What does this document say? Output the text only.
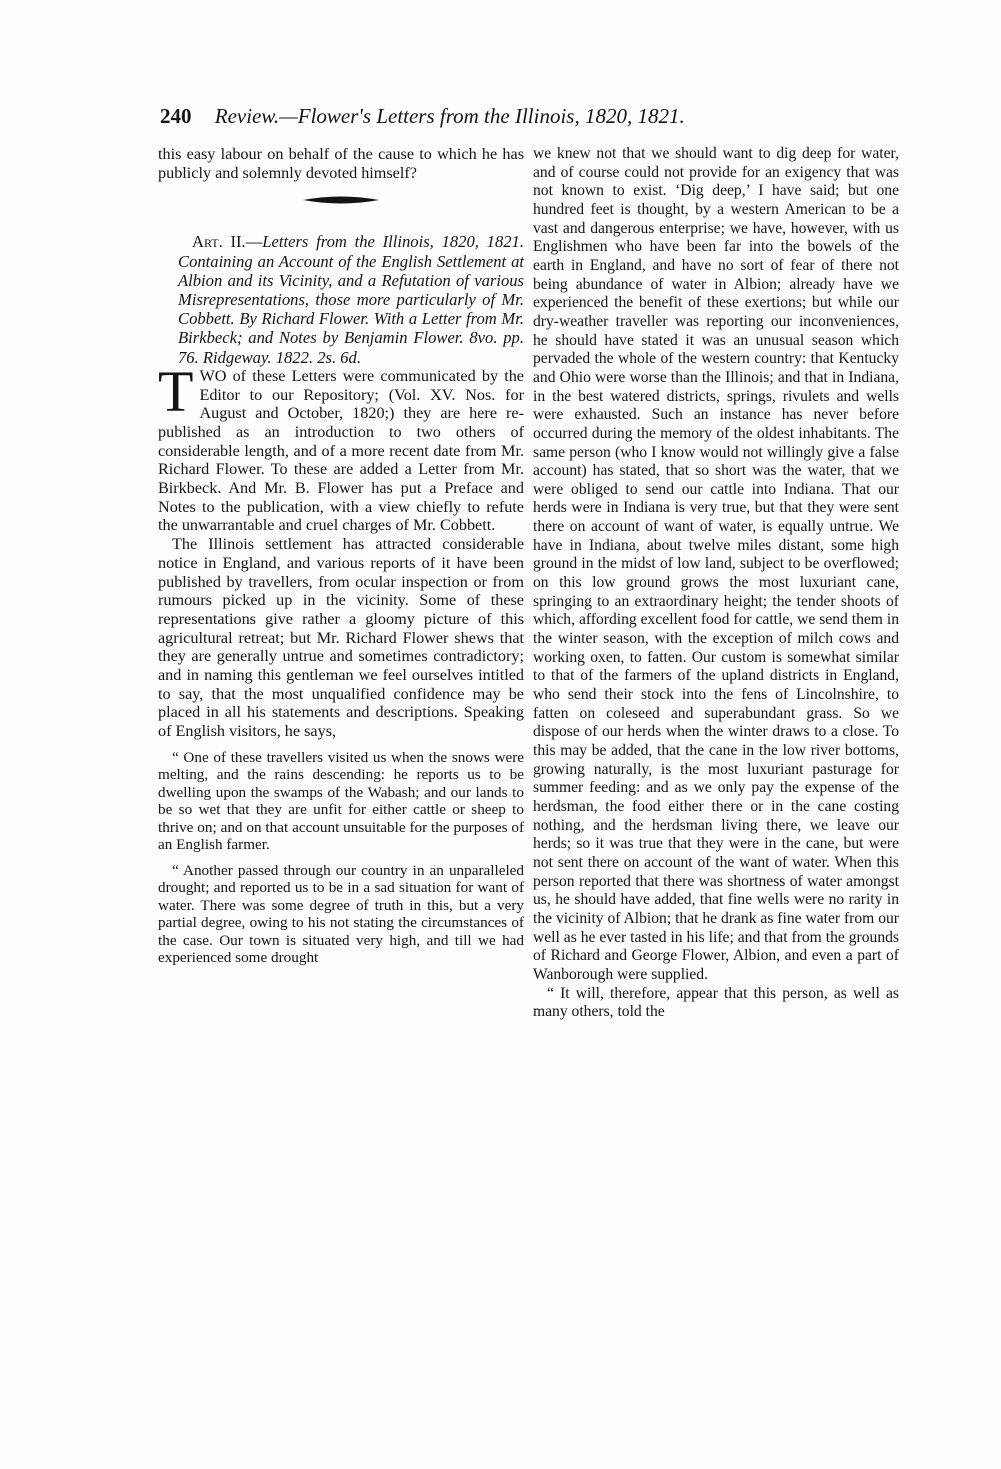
240 Review.—Flower's Letters from the Illinois, 1820, 1821.

this easy labour on behalf of the cause to which he has publicly and solemnly devoted himself?

Art. II.—Letters from the Illinois, 1820, 1821. Containing an Account of the English Settlement at Albion and its Vicinity, and a Refutation of various Misrepresentations, those more particularly of Mr. Cobbett. By Richard Flower. With a Letter from Mr. Birkbeck; and Notes by Benjamin Flower. 8vo. pp. 76. Ridgeway. 1822. 2s. 6d.

TWO of these Letters were communicated by the Editor to our Repository; (Vol. XV. Nos. for August and October, 1820;) they are here re-published as an introduction to two others of considerable length, and of a more recent date from Mr. Richard Flower. To these are added a Letter from Mr. Birkbeck. And Mr. B. Flower has put a Preface and Notes to the publication, with a view chiefly to refute the unwarrantable and cruel charges of Mr. Cobbett.

The Illinois settlement has attracted considerable notice in England, and various reports of it have been published by travellers, from ocular inspection or from rumours picked up in the vicinity. Some of these representations give rather a gloomy picture of this agricultural retreat; but Mr. Richard Flower shews that they are generally untrue and sometimes contradictory; and in naming this gentleman we feel ourselves intitled to say, that the most unqualified confidence may be placed in all his statements and descriptions. Speaking of English visitors, he says,

“ One of these travellers visited us when the snows were melting, and the rains descending: he reports us to be dwelling upon the swamps of the Wabash; and our lands to be so wet that they are unfit for either cattle or sheep to thrive on; and on that account unsuitable for the purposes of an English farmer.

“ Another passed through our country in an unparalleled drought; and reported us to be in a sad situation for want of water. There was some degree of truth in this, but a very partial degree, owing to his not stating the circumstances of the case. Our town is situated very high, and till we had experienced some drought

we knew not that we should want to dig deep for water, and of course could not provide for an exigency that was not known to exist. ‘Dig deep,’ I have said; but one hundred feet is thought, by a western American to be a vast and dangerous enterprise; we have, however, with us Englishmen who have been far into the bowels of the earth in England, and have no sort of fear of there not being abundance of water in Albion; already have we experienced the benefit of these exertions; but while our dry-weather traveller was reporting our inconveniences, he should have stated it was an unusual season which pervaded the whole of the western country: that Kentucky and Ohio were worse than the Illinois; and that in Indiana, in the best watered districts, springs, rivulets and wells were exhausted. Such an instance has never before occurred during the memory of the oldest inhabitants. The same person (who I know would not willingly give a false account) has stated, that so short was the water, that we were obliged to send our cattle into Indiana. That our herds were in Indiana is very true, but that they were sent there on account of want of water, is equally untrue. We have in Indiana, about twelve miles distant, some high ground in the midst of low land, subject to be overflowed; on this low ground grows the most luxuriant cane, springing to an extraordinary height; the tender shoots of which, affording excellent food for cattle, we send them in the winter season, with the exception of milch cows and working oxen, to fatten. Our custom is somewhat similar to that of the farmers of the upland districts in England, who send their stock into the fens of Lincolnshire, to fatten on coleseed and superabundant grass. So we dispose of our herds when the winter draws to a close. To this may be added, that the cane in the low river bottoms, growing naturally, is the most luxuriant pasturage for summer feeding: and as we only pay the expense of the herdsman, the food either there or in the cane costing nothing, and the herdsman living there, we leave our herds; so it was true that they were in the cane, but were not sent there on account of the want of water. When this person reported that there was shortness of water amongst us, he should have added, that fine wells were no rarity in the vicinity of Albion; that he drank as fine water from our well as he ever tasted in his life; and that from the grounds of Richard and George Flower, Albion, and even a part of Wanborough were supplied.

“ It will, therefore, appear that this person, as well as many others, told the
